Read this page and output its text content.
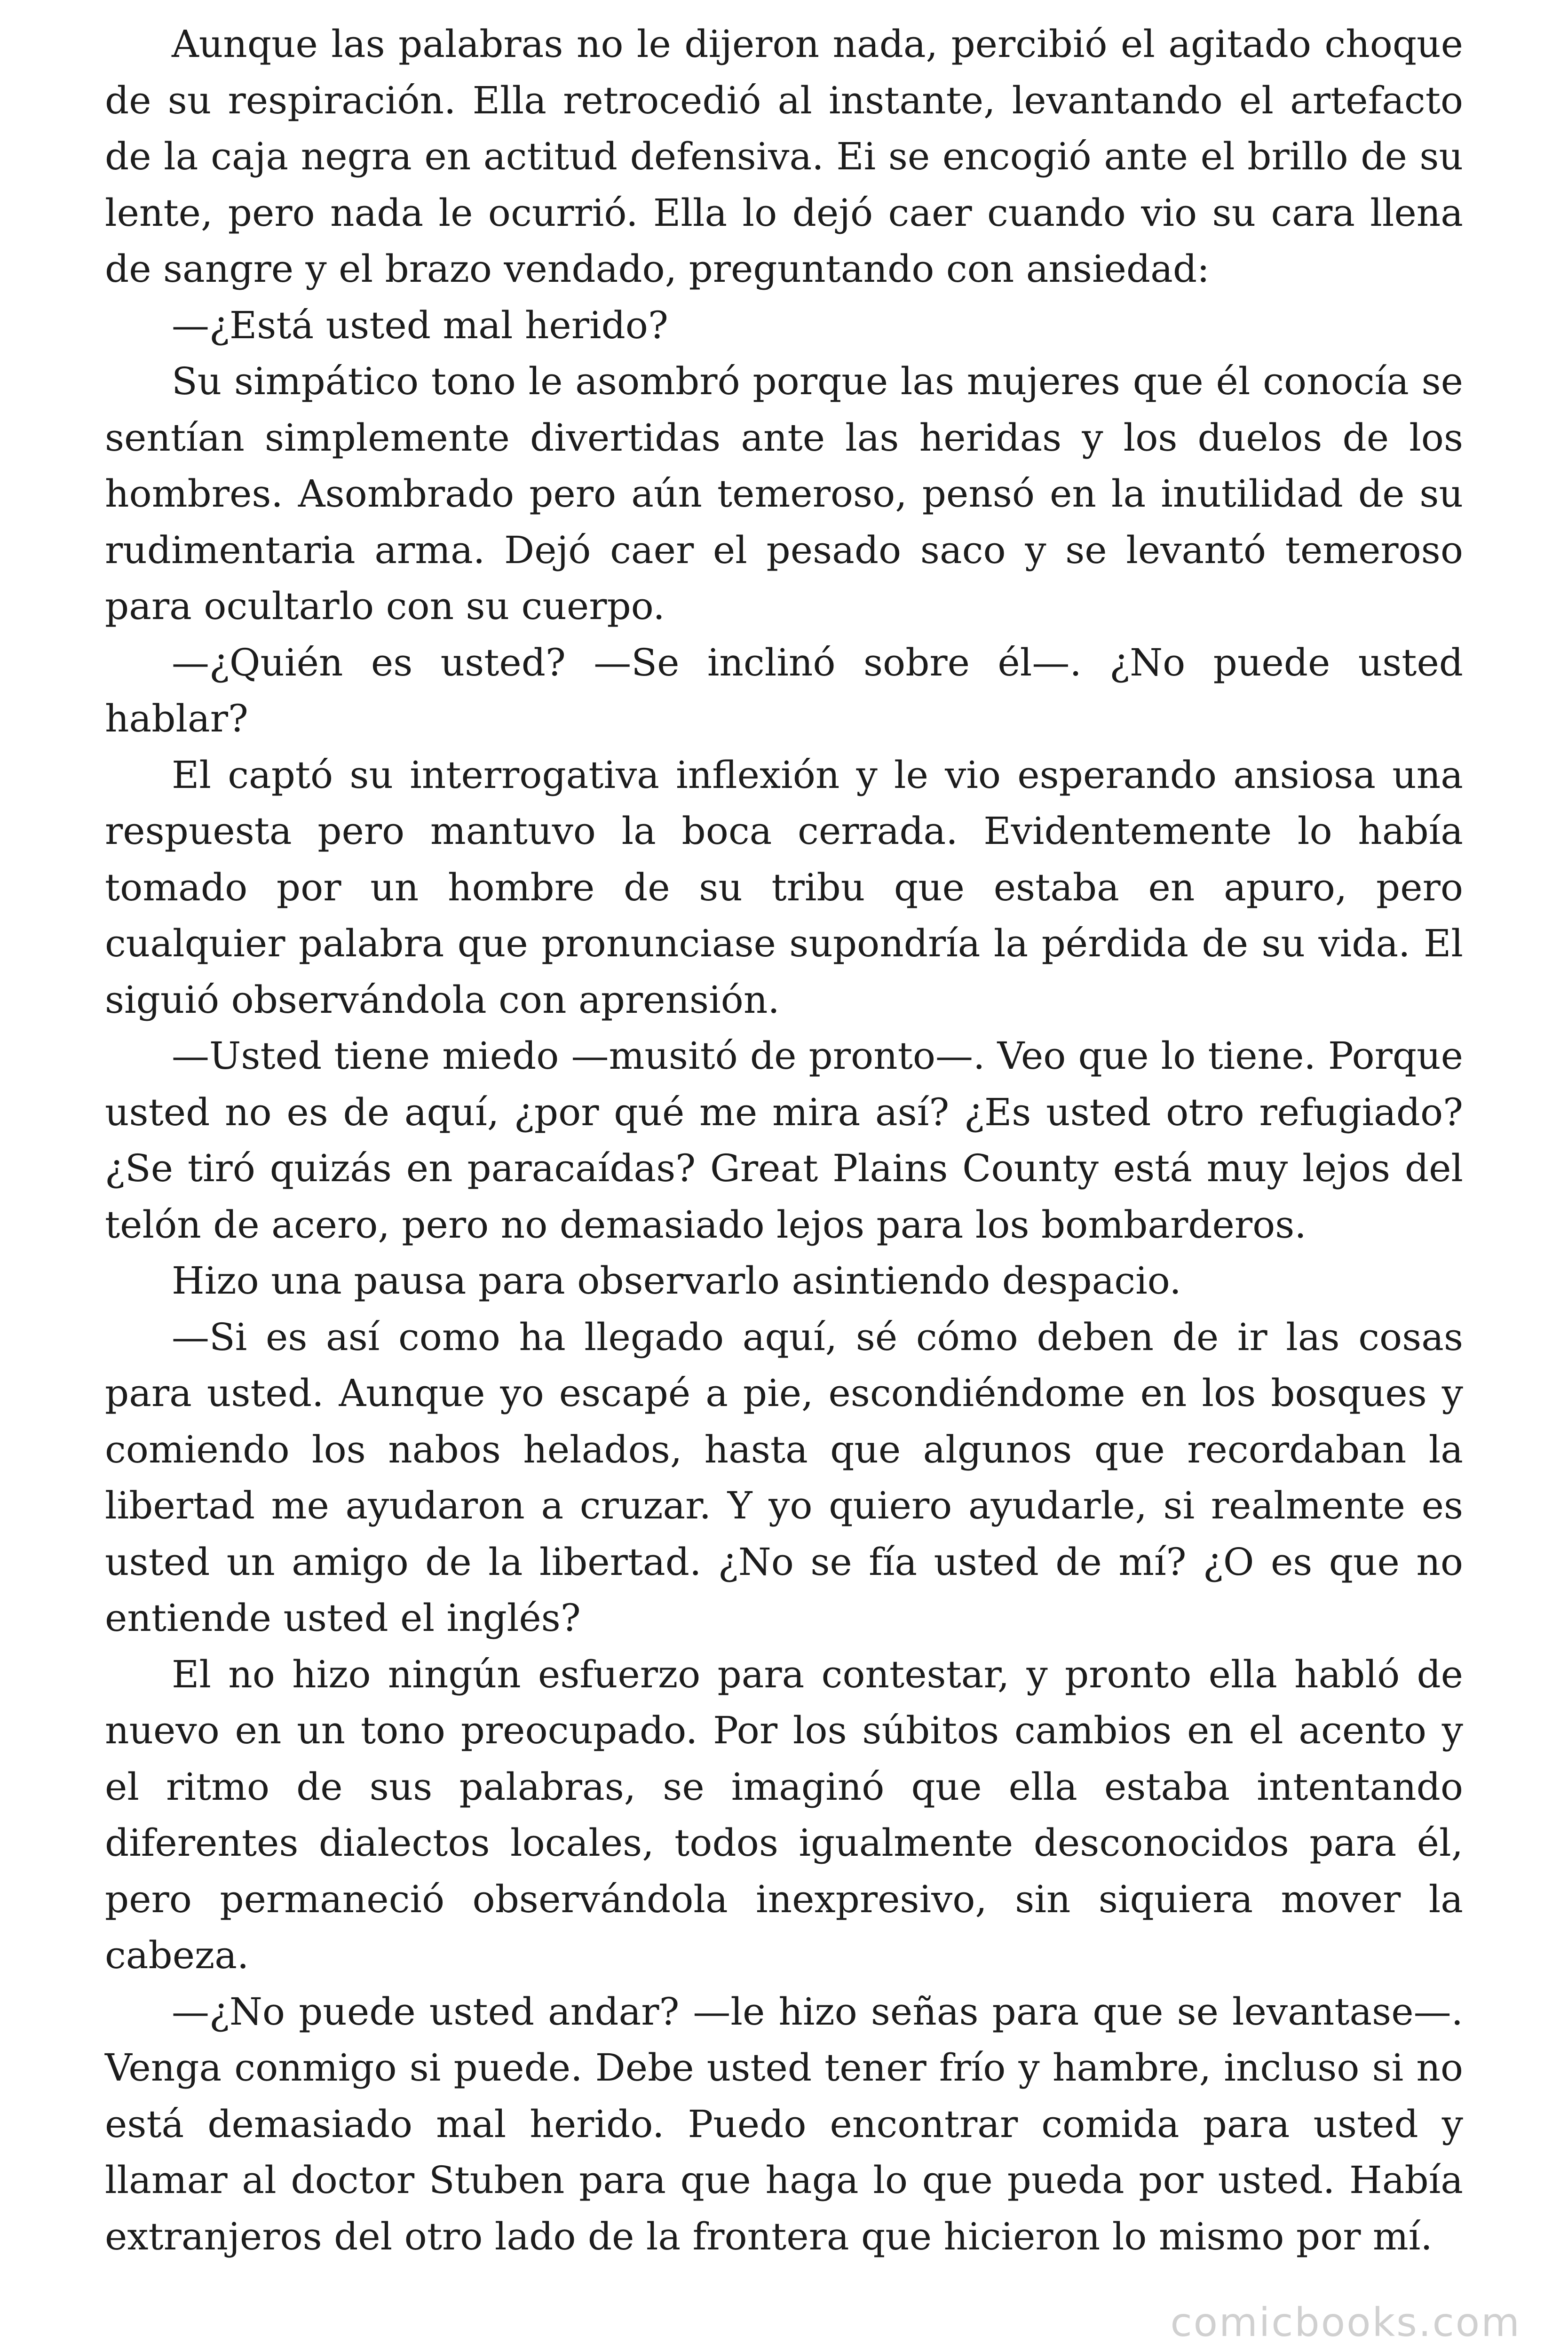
Aunque las palabras no le dijeron nada, percibió el agitado choque de su respiración. Ella retrocedió al instante, levantando el artefacto de la caja negra en actitud defensiva. Ei se encogió ante el brillo de su lente, pero nada le ocurrió. Ella lo dejó caer cuando vio su cara llena de sangre y el brazo vendado, preguntando con ansiedad:

—¿Está usted mal herido?

Su simpático tono le asombró porque las mujeres que él conocía se sentían simplemente divertidas ante las heridas y los duelos de los hombres. Asombrado pero aún temeroso, pensó en la inutilidad de su rudimentaria arma. Dejó caer el pesado saco y se levantó temeroso para ocultarlo con su cuerpo.

—¿Quién es usted? —Se inclinó sobre él—. ¿No puede usted hablar?

El captó su interrogativa inflexión y le vio esperando ansiosa una respuesta pero mantuvo la boca cerrada. Evidentemente lo había tomado por un hombre de su tribu que estaba en apuro, pero cualquier palabra que pronunciase supondría la pérdida de su vida. El siguió observándola con aprensión.

—Usted tiene miedo —musitó de pronto—. Veo que lo tiene. Porque usted no es de aquí, ¿por qué me mira así? ¿Es usted otro refugiado? ¿Se tiró quizás en paracaídas? Great Plains County está muy lejos del telón de acero, pero no demasiado lejos para los bombarderos.

Hizo una pausa para observarlo asintiendo despacio.

—Si es así como ha llegado aquí, sé cómo deben de ir las cosas para usted. Aunque yo escapé a pie, escondiéndome en los bosques y comiendo los nabos helados, hasta que algunos que recordaban la libertad me ayudaron a cruzar. Y yo quiero ayudarle, si realmente es usted un amigo de la libertad. ¿No se fía usted de mí? ¿O es que no entiende usted el inglés?

El no hizo ningún esfuerzo para contestar, y pronto ella habló de nuevo en un tono preocupado. Por los súbitos cambios en el acento y el ritmo de sus palabras, se imaginó que ella estaba intentando diferentes dialectos locales, todos igualmente desconocidos para él, pero permaneció observándola inexpresivo, sin siquiera mover la cabeza.

—¿No puede usted andar? —le hizo señas para que se levantase—. Venga conmigo si puede. Debe usted tener frío y hambre, incluso si no está demasiado mal herido. Puedo encontrar comida para usted y llamar al doctor Stuben para que haga lo que pueda por usted. Había extranjeros del otro lado de la frontera que hicieron lo mismo por mí.

comicbooks.com
